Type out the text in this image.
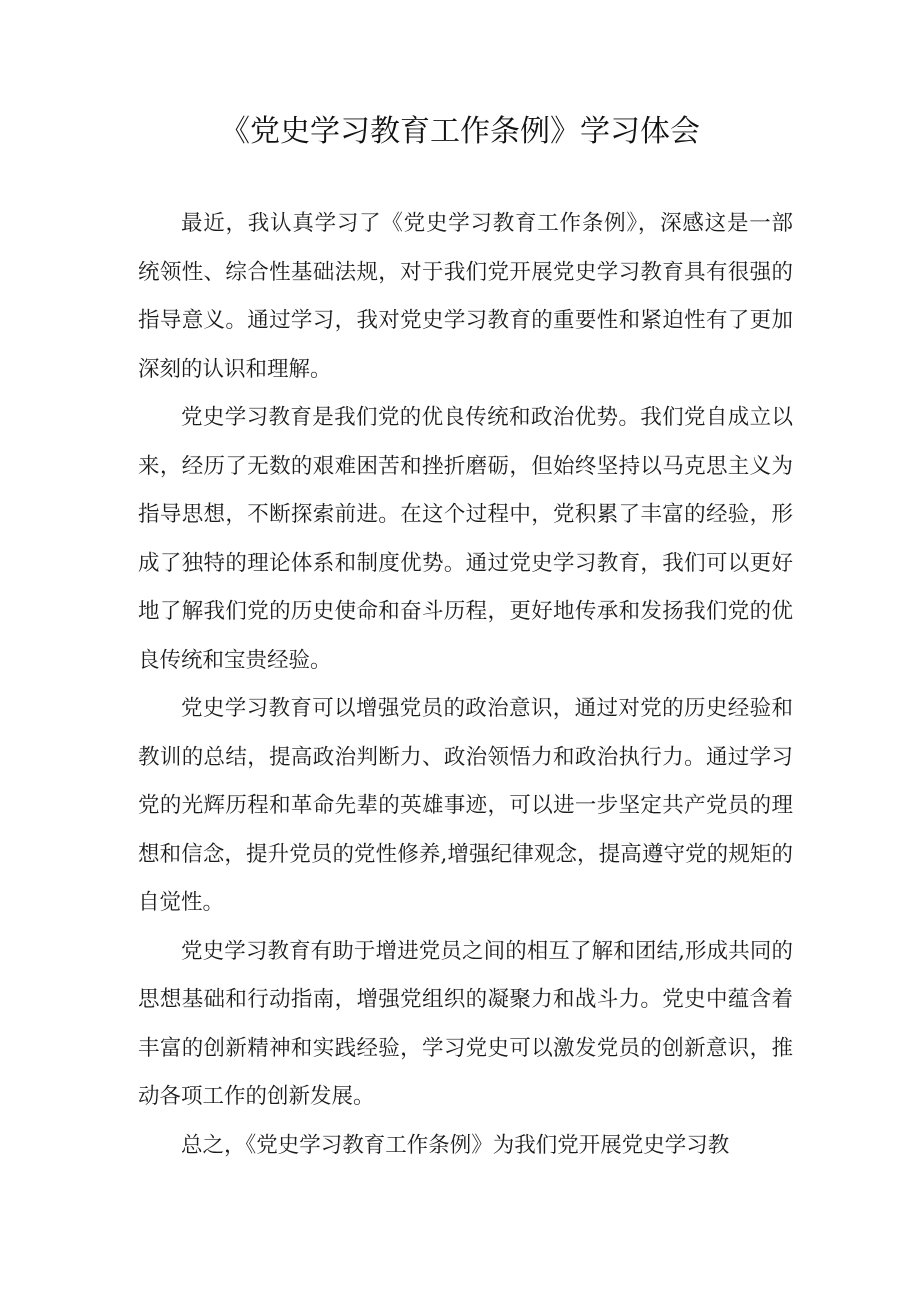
《党史学习教育工作条例》学习体会

最近，我认真学习了《党史学习教育工作条例》，深感这是一部统领性、综合性基础法规，对于我们党开展党史学习教育具有很强的指导意义。通过学习，我对党史学习教育的重要性和紧迫性有了更加深刻的认识和理解。

党史学习教育是我们党的优良传统和政治优势。我们党自成立以来，经历了无数的艰难困苦和挫折磨砺，但始终坚持以马克思主义为指导思想，不断探索前进。在这个过程中，党积累了丰富的经验，形成了独特的理论体系和制度优势。通过党史学习教育，我们可以更好地了解我们党的历史使命和奋斗历程，更好地传承和发扬我们党的优良传统和宝贵经验。

党史学习教育可以增强党员的政治意识，通过对党的历史经验和教训的总结，提高政治判断力、政治领悟力和政治执行力。通过学习党的光辉历程和革命先辈的英雄事迹，可以进一步坚定共产党员的理想和信念，提升党员的党性修养,增强纪律观念，提高遵守党的规矩的自觉性。

党史学习教育有助于增进党员之间的相互了解和团结,形成共同的思想基础和行动指南，增强党组织的凝聚力和战斗力。党史中蕴含着丰富的创新精神和实践经验，学习党史可以激发党员的创新意识，推动各项工作的创新发展。

总之，《党史学习教育工作条例》为我们党开展党史学习教
